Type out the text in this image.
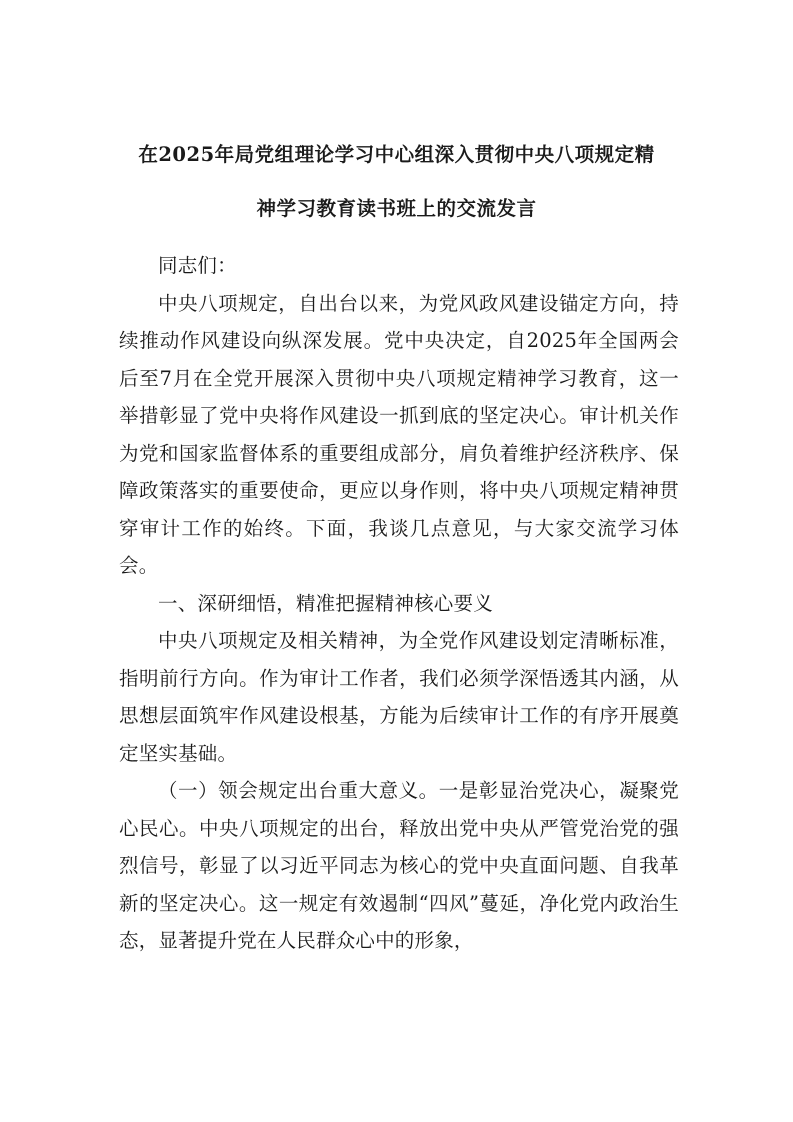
在2025年局党组理论学习中心组深入贯彻中央八项规定精
神学习教育读书班上的交流发言

同志们：

中央八项规定，自出台以来，为党风政风建设锚定方向，持续推动作风建设向纵深发展。党中央决定，自2025年全国两会后至7月在全党开展深入贯彻中央八项规定精神学习教育，这一举措彰显了党中央将作风建设一抓到底的坚定决心。审计机关作为党和国家监督体系的重要组成部分，肩负着维护经济秩序、保障政策落实的重要使命，更应以身作则，将中央八项规定精神贯穿审计工作的始终。下面，我谈几点意见，与大家交流学习体会。

一、深研细悟，精准把握精神核心要义

中央八项规定及相关精神，为全党作风建设划定清晰标准，指明前行方向。作为审计工作者，我们必须学深悟透其内涵，从思想层面筑牢作风建设根基，方能为后续审计工作的有序开展奠定坚实基础。

（一）领会规定出台重大意义。一是彰显治党决心，凝聚党心民心。中央八项规定的出台，释放出党中央从严管党治党的强烈信号，彰显了以习近平同志为核心的党中央直面问题、自我革新的坚定决心。这一规定有效遏制“四风”蔓延，净化党内政治生态，显著提升党在人民群众心中的形象，
